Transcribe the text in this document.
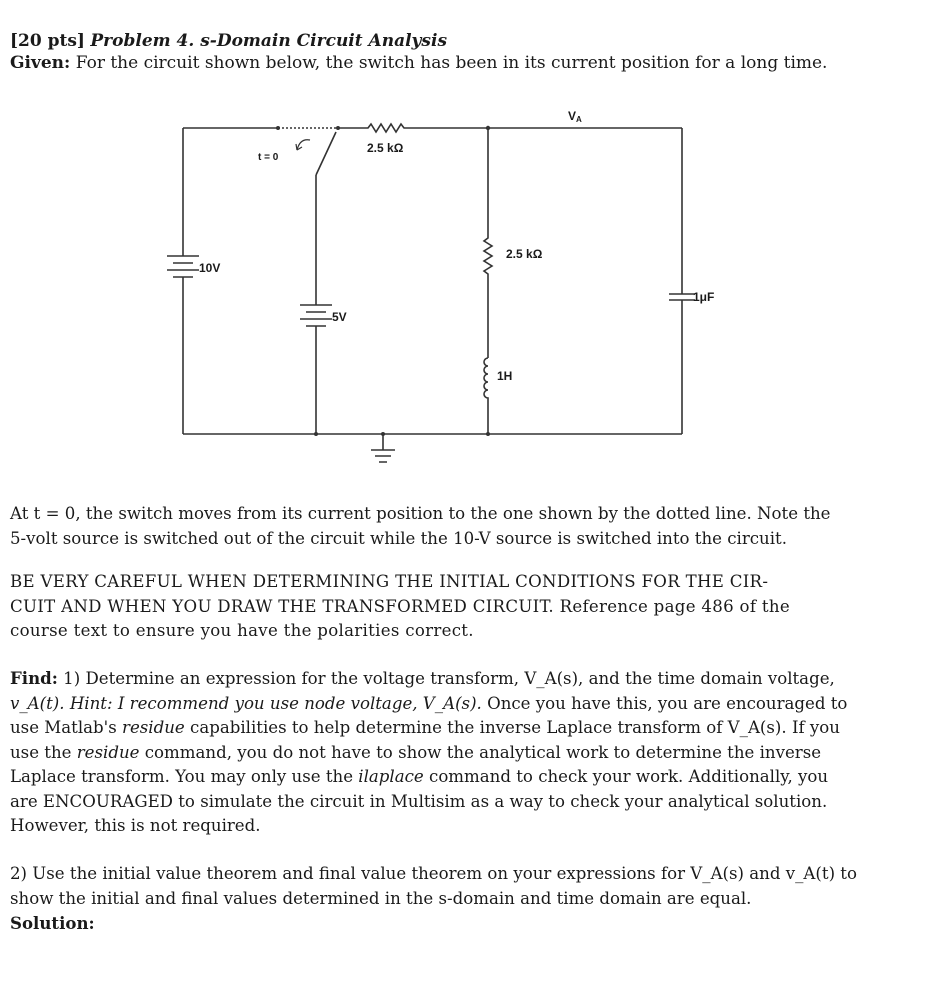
[20 pts] Problem 4. s-Domain Circuit Analysis
Given: For the circuit shown below, the switch has been in its current position for a long time.
t = 0
10V
5V
2.5 kΩ
1H
1μF
2.5 kΩ
VA
At t = 0, the switch moves from its current position to the one shown by the dotted line. Note the
5-volt source is switched out of the circuit while the 10-V source is switched into the circuit.
BE VERY CAREFUL WHEN DETERMINING THE INITIAL CONDITIONS FOR THE CIR-
CUIT AND WHEN YOU DRAW THE TRANSFORMED CIRCUIT. Reference page 486 of the
course text to ensure you have the polarities correct.
Find: 1) Determine an expression for the voltage transform, V_A(s), and the time domain voltage,
v_A(t). Hint: I recommend you use node voltage, V_A(s). Once you have this, you are encouraged to
use Matlab's residue capabilities to help determine the inverse Laplace transform of V_A(s). If you
use the residue command, you do not have to show the analytical work to determine the inverse
Laplace transform. You may only use the ilaplace command to check your work. Additionally, you
are ENCOURAGED to simulate the circuit in Multisim as a way to check your analytical solution.
However, this is not required.
2) Use the initial value theorem and final value theorem on your expressions for V_A(s) and v_A(t) to
show the initial and final values determined in the s-domain and time domain are equal.
Solution:
